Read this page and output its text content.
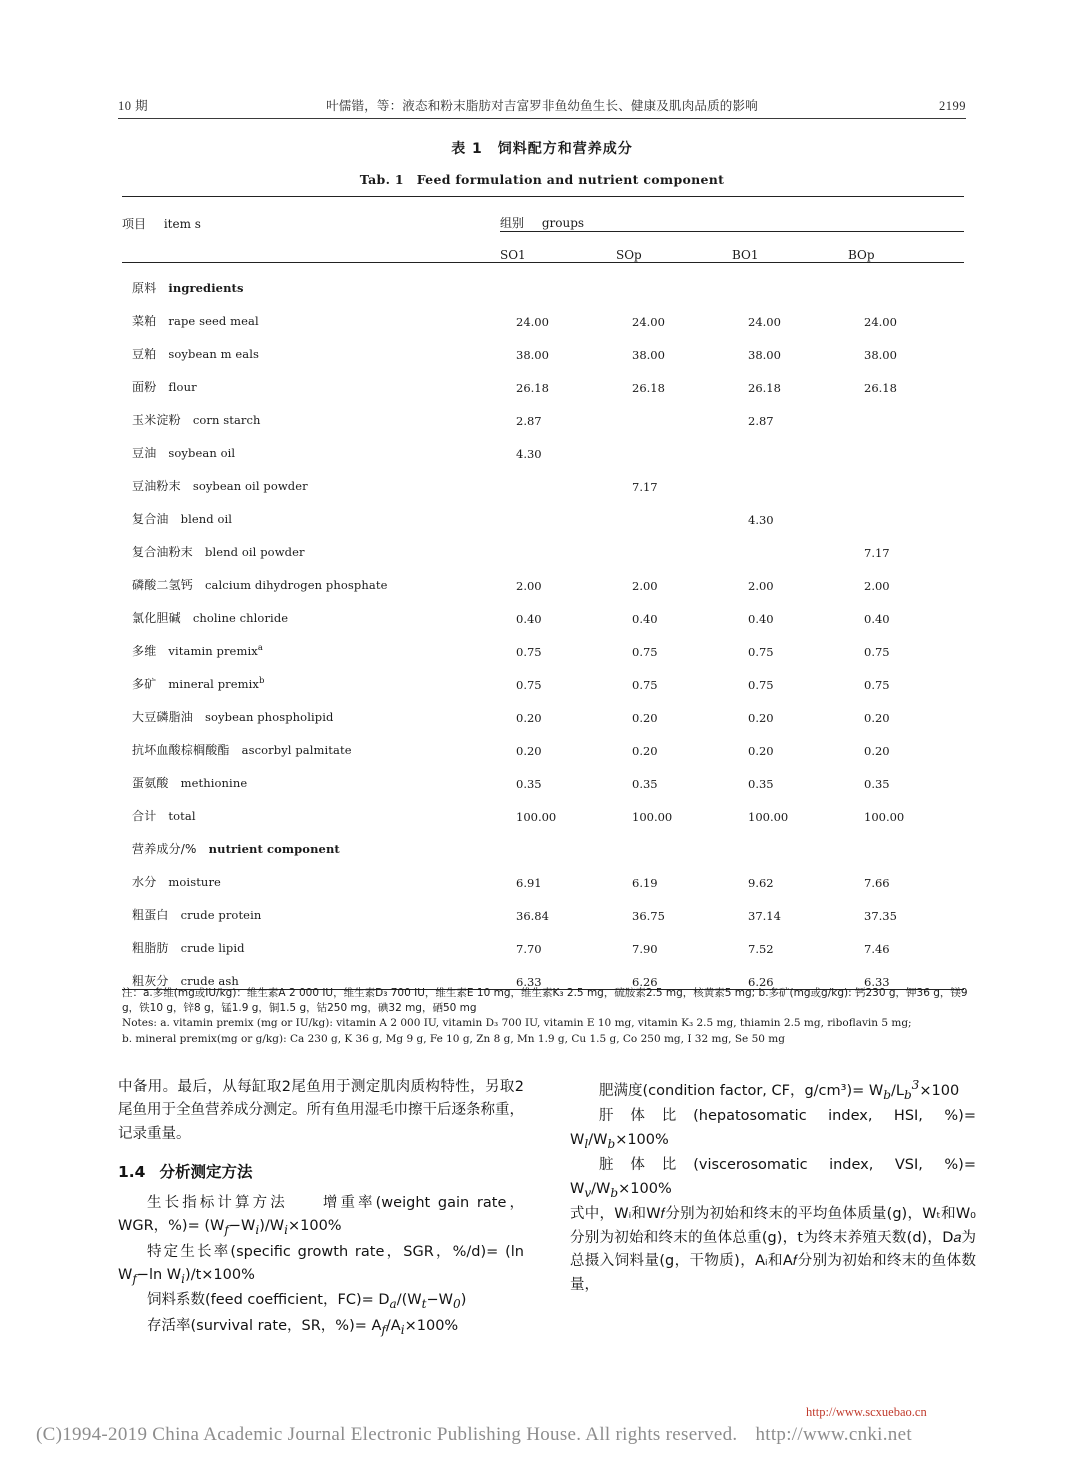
10 期	叶儒锴，等：液态和粉末脂肪对吉富罗非鱼幼鱼生长、健康及肌肉品质的影响	2199
表 1　饲料配方和营养成分
Tab. 1　Feed formulation and nutrient component
项目 item s	组别 groups			
	SO1	SOp	BO1	BOp
原料 ingredients				
菜粕 rape seed meal	24.00	24.00	24.00	24.00
豆粕 soybean m eals	38.00	38.00	38.00	38.00
面粉 flour	26.18	26.18	26.18	26.18
玉米淀粉 corn starch	2.87		2.87	
豆油 soybean oil	4.30			
豆油粉末 soybean oil powder		7.17		
复合油 blend oil			4.30	
复合油粉末 blend oil powder				7.17
磷酸二氢钙 calcium dihydrogen phosphate	2.00	2.00	2.00	2.00
氯化胆碱 choline chloride	0.40	0.40	0.40	0.40
多维 vitamin premix$^a$	0.75	0.75	0.75	0.75
多矿 mineral premix$^b$	0.75	0.75	0.75	0.75
大豆磷脂油 soybean phospholipid	0.20	0.20	0.20	0.20
抗坏血酸棕榈酸酯 ascorbyl palmitate	0.20	0.20	0.20	0.20
蛋氨酸 methionine	0.35	0.35	0.35	0.35
合计 total	100.00	100.00	100.00	100.00
营养成分/% nutrient component				
水分 moisture	6.91	6.19	9.62	7.66
粗蛋白 crude protein	36.84	36.75	37.14	37.35
粗脂肪 crude lipid	7.70	7.90	7.52	7.46
粗灰分 crude ash	6.33	6.26	6.26	6.33
注：a.多维(mg或IU/kg)：维生素A 2 000 IU，维生素D₃ 700 IU，维生素E 10 mg，维生素K₃ 2.5 mg，硫胺素2.5 mg，核黄素5 mg; b.多矿(mg或g/kg): 钙230 g，钾36 g，镁9 g，铁10 g，锌8 g，锰1.9 g，铜1.5 g，钴250 mg，碘32 mg，硒50 mg
Notes: a. vitamin premix (mg or IU/kg): vitamin A 2 000 IU, vitamin D₃ 700 IU, vitamin E 10 mg, vitamin K₃ 2.5 mg, thiamin 2.5 mg, riboflavin 5 mg;
b. mineral premix(mg or g/kg): Ca 230 g, K 36 g, Mg 9 g, Fe 10 g, Zn 8 g, Mn 1.9 g, Cu 1.5 g, Co 250 mg, I 32 mg, Se 50 mg

中备用。最后，从每缸取2尾鱼用于测定肌肉质构特性，另取2尾鱼用于全鱼营养成分测定。所有鱼用湿毛巾擦干后逐条称重，记录重量。

1.4 分析测定方法

生长指标计算方法 增重率(weight gain rate，WGR，%)= $(W_f-W_i)/W_i\times 100\%$

特定生长率(specific growth rate，SGR，%/d)= (ln $W_f-\ln$ $W_i)/t\times 100\%$

饲料系数(feed coefficient，$FC)= D_a/(W_t-W_0)$

存活率(survival rate，SR，%)= $A_f/A_i\times 100\%$

肥满度(condition factor, CF，$g/cm^3)= W_b/L_b^3\times 100$

肝体比(hepatosomatic index, HSI, %)= $W_l/W_b\times 100\%$

脏体比(viscerosomatic index, VSI, %)= $W_v/W_b\times 100\%$

式中，Wᵢ和W𝑓分别为初始和终末的平均鱼体质量(g)，Wₜ和W₀分别为初始和终末的鱼体总重(g)，t为终末养殖天数(d)，D𝑎为总摄入饲料量(g，干物质)，Aᵢ和A𝑓分别为初始和终末的鱼体数量，

http://www.scxuebao.cn
(C)1994-2019 China Academic Journal Electronic Publishing House. All rights reserved. http://www.cnki.net
